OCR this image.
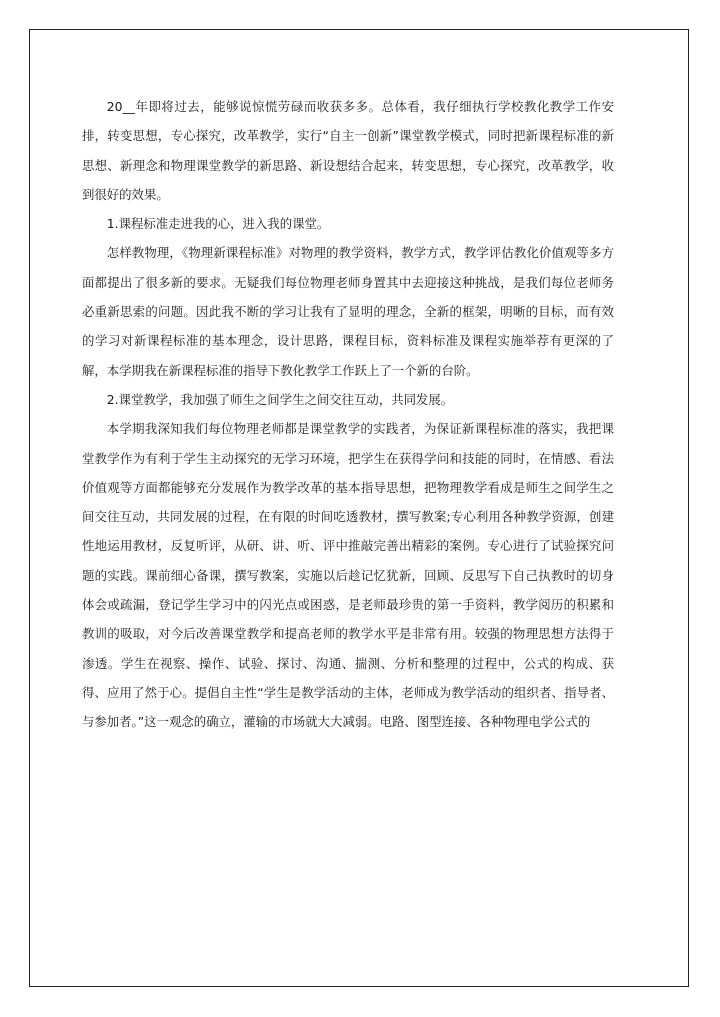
20__年即将过去，能够说惊慌劳碌而收获多多。总体看，我仔细执行学校教化教学工作安排，转变思想，专心探究，改革教学，实行“自主一创新”课堂教学模式，同时把新课程标准的新思想、新理念和物理课堂教学的新思路、新设想结合起来，转变思想，专心探究，改革教学，收到很好的效果。

1.课程标准走进我的心，进入我的课堂。

怎样教物理，《物理新课程标准》对物理的教学资料，教学方式，教学评估教化价值观等多方面都提出了很多新的要求。无疑我们每位物理老师身置其中去迎接这种挑战，是我们每位老师务必重新思索的问题。因此我不断的学习让我有了显明的理念，全新的框架，明晰的目标，而有效的学习对新课程标准的基本理念，设计思路，课程目标，资料标准及课程实施举荐有更深的了解，本学期我在新课程标准的指导下教化教学工作跃上了一个新的台阶。

2.课堂教学，我加强了师生之间学生之间交往互动，共同发展。

本学期我深知我们每位物理老师都是课堂教学的实践者，为保证新课程标准的落实，我把课堂教学作为有利于学生主动探究的无学习环境，把学生在获得学问和技能的同时，在情感、看法价值观等方面都能够充分发展作为教学改革的基本指导思想，把物理教学看成是师生之间学生之间交往互动，共同发展的过程，在有限的时间吃透教材，撰写教案;专心利用各种教学资源，创建性地运用教材，反复听评，从研、讲、听、评中推敲完善出精彩的案例。专心进行了试验探究问题的实践。课前细心备课，撰写教案，实施以后趁记忆犹新，回顾、反思写下自己执教时的切身体会或疏漏，登记学生学习中的闪光点或困惑，是老师最珍贵的第一手资料，教学阅历的积累和教训的吸取，对今后改善课堂教学和提高老师的教学水平是非常有用。较强的物理思想方法得于渗透。学生在视察、操作、试验、探讨、沟通、揣测、分析和整理的过程中，公式的构成、获得、应用了然于心。提倡自主性“学生是教学活动的主体，老师成为教学活动的组织者、指导者、与参加者。”这一观念的确立，灌输的市场就大大减弱。电路、图型连接、各种物理电学公式的
